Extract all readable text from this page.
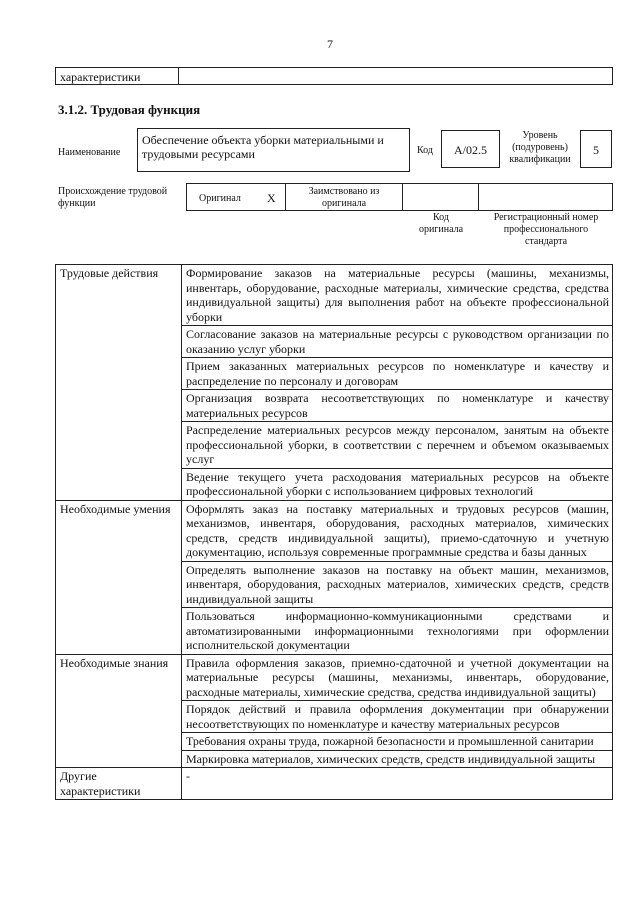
7
характеристики
3.1.2. Трудовая функция
Наименование
Обеспечение объекта уборки материальными и трудовыми ресурсами	Код	A/02.5
Уровень (подуровень) квалификации
5
Происхождение трудовой функции	Оригинал X	Заимствовано из оригинала
Код оригинала
Регистрационный номер профессионального стандарта
Трудовые действия	Формирование заказов на материальные ресурсы (машины, механизмы, инвентарь, оборудование, расходные материалы, химические средства, средства индивидуальной защиты) для выполнения работ на объекте профессиональной уборки
	Согласование заказов на материальные ресурсы с руководством организации по оказанию услуг уборки
	Прием заказанных материальных ресурсов по номенклатуре и качеству и распределение по персоналу и договорам
	Организация возврата несоответствующих по номенклатуре и качеству материальных ресурсов
	Распределение материальных ресурсов между персоналом, занятым на объекте профессиональной уборки, в соответствии с перечнем и объемом оказываемых услуг
	Ведение текущего учета расходования материальных ресурсов на объекте профессиональной уборки с использованием цифровых технологий
Необходимые умения	Оформлять заказ на поставку материальных и трудовых ресурсов (машин, механизмов, инвентаря, оборудования, расходных материалов, химических средств, средств индивидуальной защиты), приемо-сдаточную и учетную документацию, используя современные программные средства и базы данных
	Определять выполнение заказов на поставку на объект машин, механизмов, инвентаря, оборудования, расходных материалов, химических средств, средств индивидуальной защиты
	Пользоваться информационно-коммуникационными средствами и автоматизированными информационными технологиями при оформлении исполнительской документации
Необходимые знания	Правила оформления заказов, приемно-сдаточной и учетной документации на материальные ресурсы (машины, механизмы, инвентарь, оборудование, расходные материалы, химические средства, средства индивидуальной защиты)
	Порядок действий и правила оформления документации при обнаружении несоответствующих по номенклатуре и качеству материальных ресурсов
	Требования охраны труда, пожарной безопасности и промышленной санитарии
	Маркировка материалов, химических средств, средств индивидуальной защиты
Другие характеристики	-
